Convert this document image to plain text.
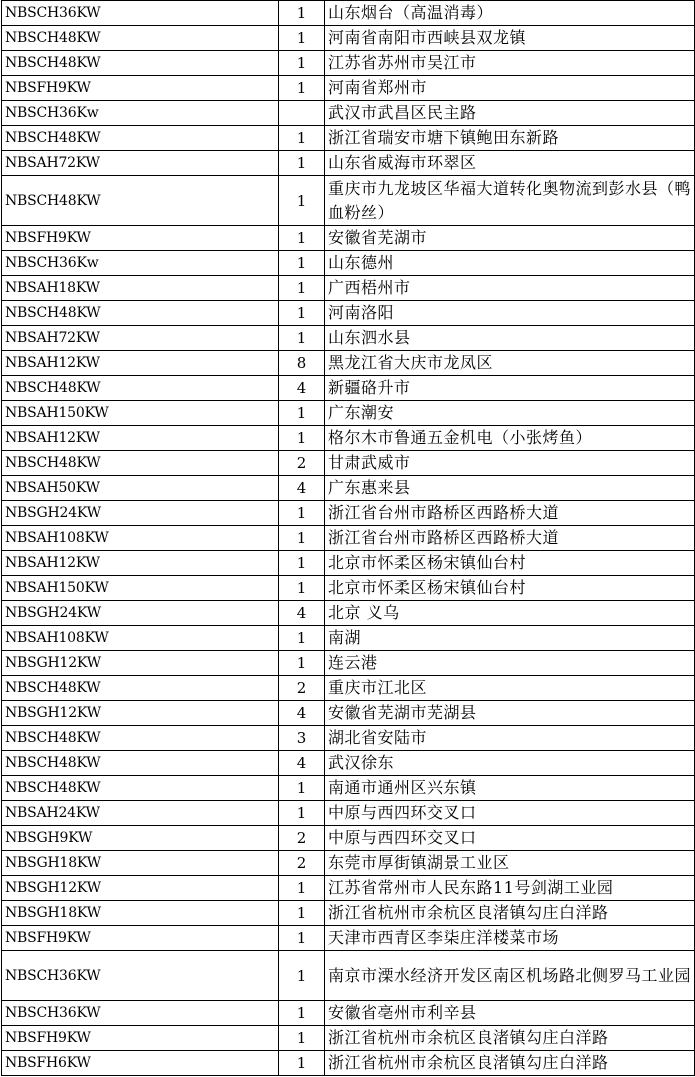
NBSCH36KW	1	山东烟台（高温消毒）
NBSCH48KW	1	河南省南阳市西峡县双龙镇
NBSCH48KW	1	江苏省苏州市吴江市
NBSFH9KW	1	河南省郑州市
NBSCH36Kw		武汉市武昌区民主路
NBSCH48KW	1	浙江省瑞安市塘下镇鲍田东新路
NBSAH72KW	1	山东省威海市环翠区
NBSCH48KW	1	重庆市九龙坡区华福大道转化奥物流到彭水县（鸭血粉丝）
NBSFH9KW	1	安徽省芜湖市
NBSCH36Kw	1	山东德州
NBSAH18KW	1	广西梧州市
NBSCH48KW	1	河南洛阳
NBSAH72KW	1	山东泗水县
NBSAH12KW	8	黑龙江省大庆市龙凤区
NBSCH48KW	4	新疆硌升市
NBSAH150KW	1	广东潮安
NBSAH12KW	1	格尔木市鲁通五金机电（小张烤鱼）
NBSCH48KW	2	甘肃武威市
NBSAH50KW	4	广东惠来县
NBSGH24KW	1	浙江省台州市路桥区西路桥大道
NBSAH108KW	1	浙江省台州市路桥区西路桥大道
NBSAH12KW	1	北京市怀柔区杨宋镇仙台村
NBSAH150KW	1	北京市怀柔区杨宋镇仙台村
NBSGH24KW	4	北京 义乌
NBSAH108KW	1	南湖
NBSGH12KW	1	连云港
NBSCH48KW	2	重庆市江北区
NBSGH12KW	4	安徽省芜湖市芜湖县
NBSCH48KW	3	湖北省安陆市
NBSCH48KW	4	武汉徐东
NBSCH48KW	1	南通市通州区兴东镇
NBSAH24KW	1	中原与西四环交叉口
NBSGH9KW	2	中原与西四环交叉口
NBSGH18KW	2	东莞市厚街镇湖景工业区
NBSGH12KW	1	江苏省常州市人民东路11号剑湖工业园
NBSGH18KW	1	浙江省杭州市余杭区良渚镇勾庄白洋路
NBSFH9KW	1	天津市西青区李柒庄洋楼菜市场
NBSCH36KW	1	南京市溧水经济开发区南区机场路北侧罗马工业园
NBSCH36KW	1	安徽省亳州市利辛县
NBSFH9KW	1	浙江省杭州市余杭区良渚镇勾庄白洋路
NBSFH6KW	1	浙江省杭州市余杭区良渚镇勾庄白洋路
